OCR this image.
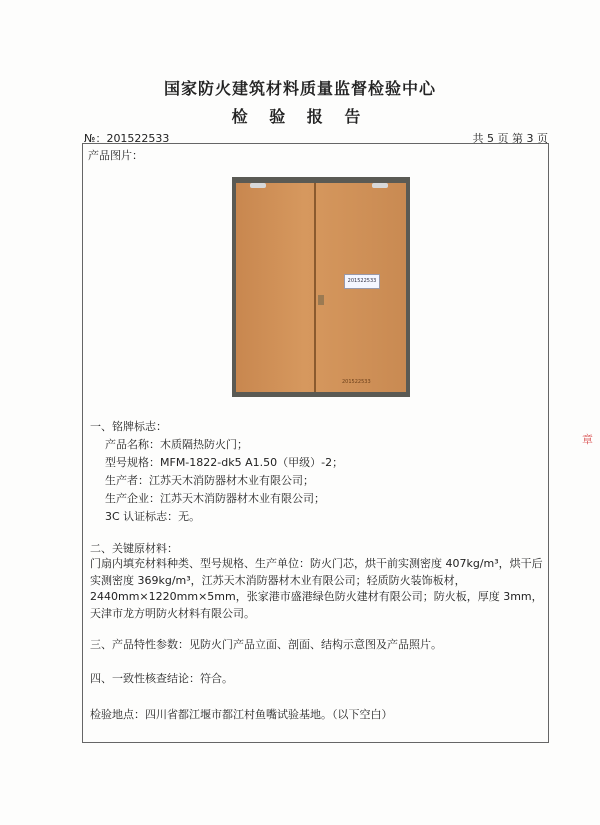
国家防火建筑材料质量监督检验中心
检 验 报 告
№：201522533	共 5 页 第 3 页
产品图片：
201522533
201522533
一、铭牌标志：
产品名称：木质隔热防火门；
型号规格：MFM-1822-dk5 A1.50（甲级）-2；
生产者：江苏天木消防器材木业有限公司；
生产企业：江苏天木消防器材木业有限公司；
3C 认证标志：无。
二、关键原材料：
门扇内填充材料种类、型号规格、生产单位：防火门芯，烘干前实测密度 407kg/m³，烘干后实测密度 369kg/m³，江苏天木消防器材木业有限公司；轻质防火装饰板材，2440mm×1220mm×5mm，张家港市盛港绿色防火建材有限公司；防火板，厚度 3mm，天津市龙方明防火材料有限公司。
三、产品特性参数：见防火门产品立面、剖面、结构示意图及产品照片。
四、一致性核查结论：符合。
检验地点：四川省都江堰市都江村鱼嘴试验基地。（以下空白）
章
